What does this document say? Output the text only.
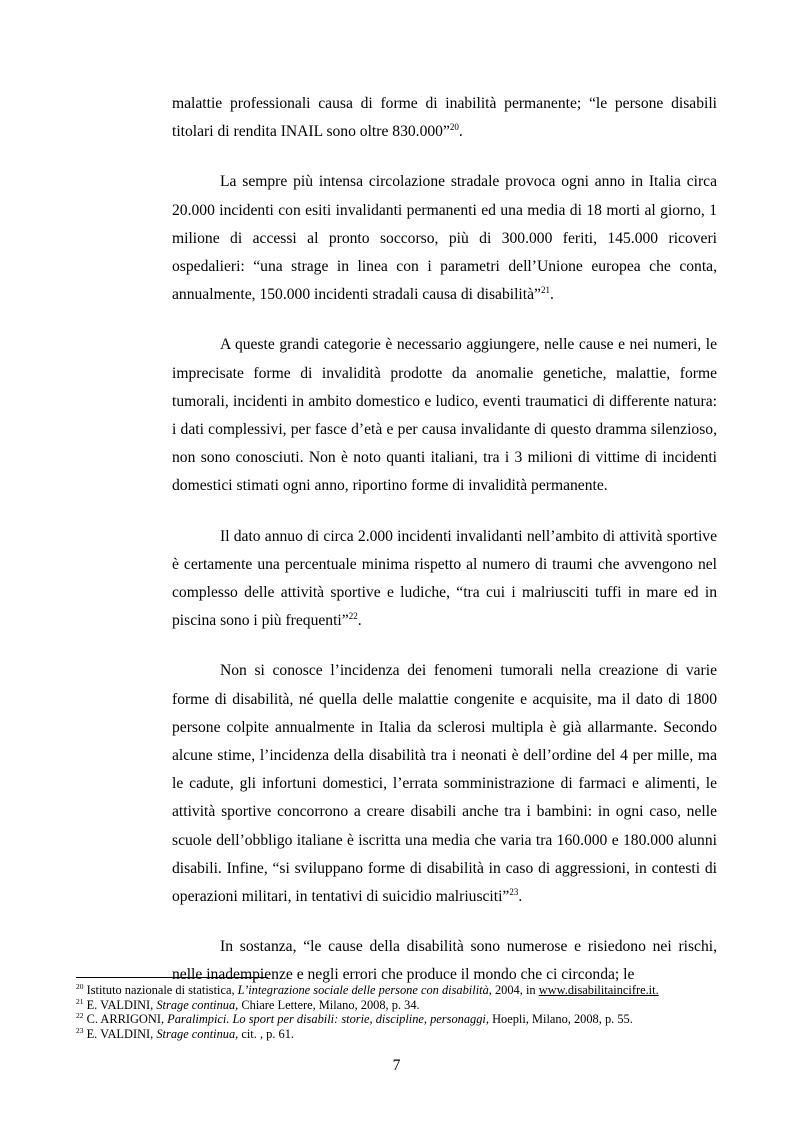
malattie professionali causa di forme di inabilità permanente; “le persone disabili titolari di rendita INAIL sono oltre 830.000”$^{20}$.

La sempre più intensa circolazione stradale provoca ogni anno in Italia circa 20.000 incidenti con esiti invalidanti permanenti ed una media di 18 morti al giorno, 1 milione di accessi al pronto soccorso, più di 300.000 feriti, 145.000 ricoveri ospedalieri: “una strage in linea con i parametri dell’Unione europea che conta, annualmente, 150.000 incidenti stradali causa di disabilità”$^{21}$.

A queste grandi categorie è necessario aggiungere, nelle cause e nei numeri, le imprecisate forme di invalidità prodotte da anomalie genetiche, malattie, forme tumorali, incidenti in ambito domestico e ludico, eventi traumatici di differente natura: i dati complessivi, per fasce d’età e per causa invalidante di questo dramma silenzioso, non sono conosciuti. Non è noto quanti italiani, tra i 3 milioni di vittime di incidenti domestici stimati ogni anno, riportino forme di invalidità permanente.

Il dato annuo di circa 2.000 incidenti invalidanti nell’ambito di attività sportive è certamente una percentuale minima rispetto al numero di traumi che avvengono nel complesso delle attività sportive e ludiche, “tra cui i malriusciti tuffi in mare ed in piscina sono i più frequenti”$^{22}$.

Non si conosce l’incidenza dei fenomeni tumorali nella creazione di varie forme di disabilità, né quella delle malattie congenite e acquisite, ma il dato di 1800 persone colpite annualmente in Italia da sclerosi multipla è già allarmante. Secondo alcune stime, l’incidenza della disabilità tra i neonati è dell’ordine del 4 per mille, ma le cadute, gli infortuni domestici, l’errata somministrazione di farmaci e alimenti, le attività sportive concorrono a creare disabili anche tra i bambini: in ogni caso, nelle scuole dell’obbligo italiane è iscritta una media che varia tra 160.000 e 180.000 alunni disabili. Infine, “si sviluppano forme di disabilità in caso di aggressioni, in contesti di operazioni militari, in tentativi di suicidio malriusciti”$^{23}$.

In sostanza, “le cause della disabilità sono numerose e risiedono nei rischi, nelle inadempienze e negli errori che produce il mondo che ci circonda; le

$^{20}$ Istituto nazionale di statistica, L’integrazione sociale delle persone con disabilità, 2004, in www.disabilitaincifre.it.

$^{21}$ E. VALDINI, Strage continua, Chiare Lettere, Milano, 2008, p. 34.

$^{22}$ C. ARRIGONI, Paralimpici. Lo sport per disabili: storie, discipline, personaggi, Hoepli, Milano, 2008, p. 55.

$^{23}$ E. VALDINI, Strage continua, cit. , p. 61.

7
